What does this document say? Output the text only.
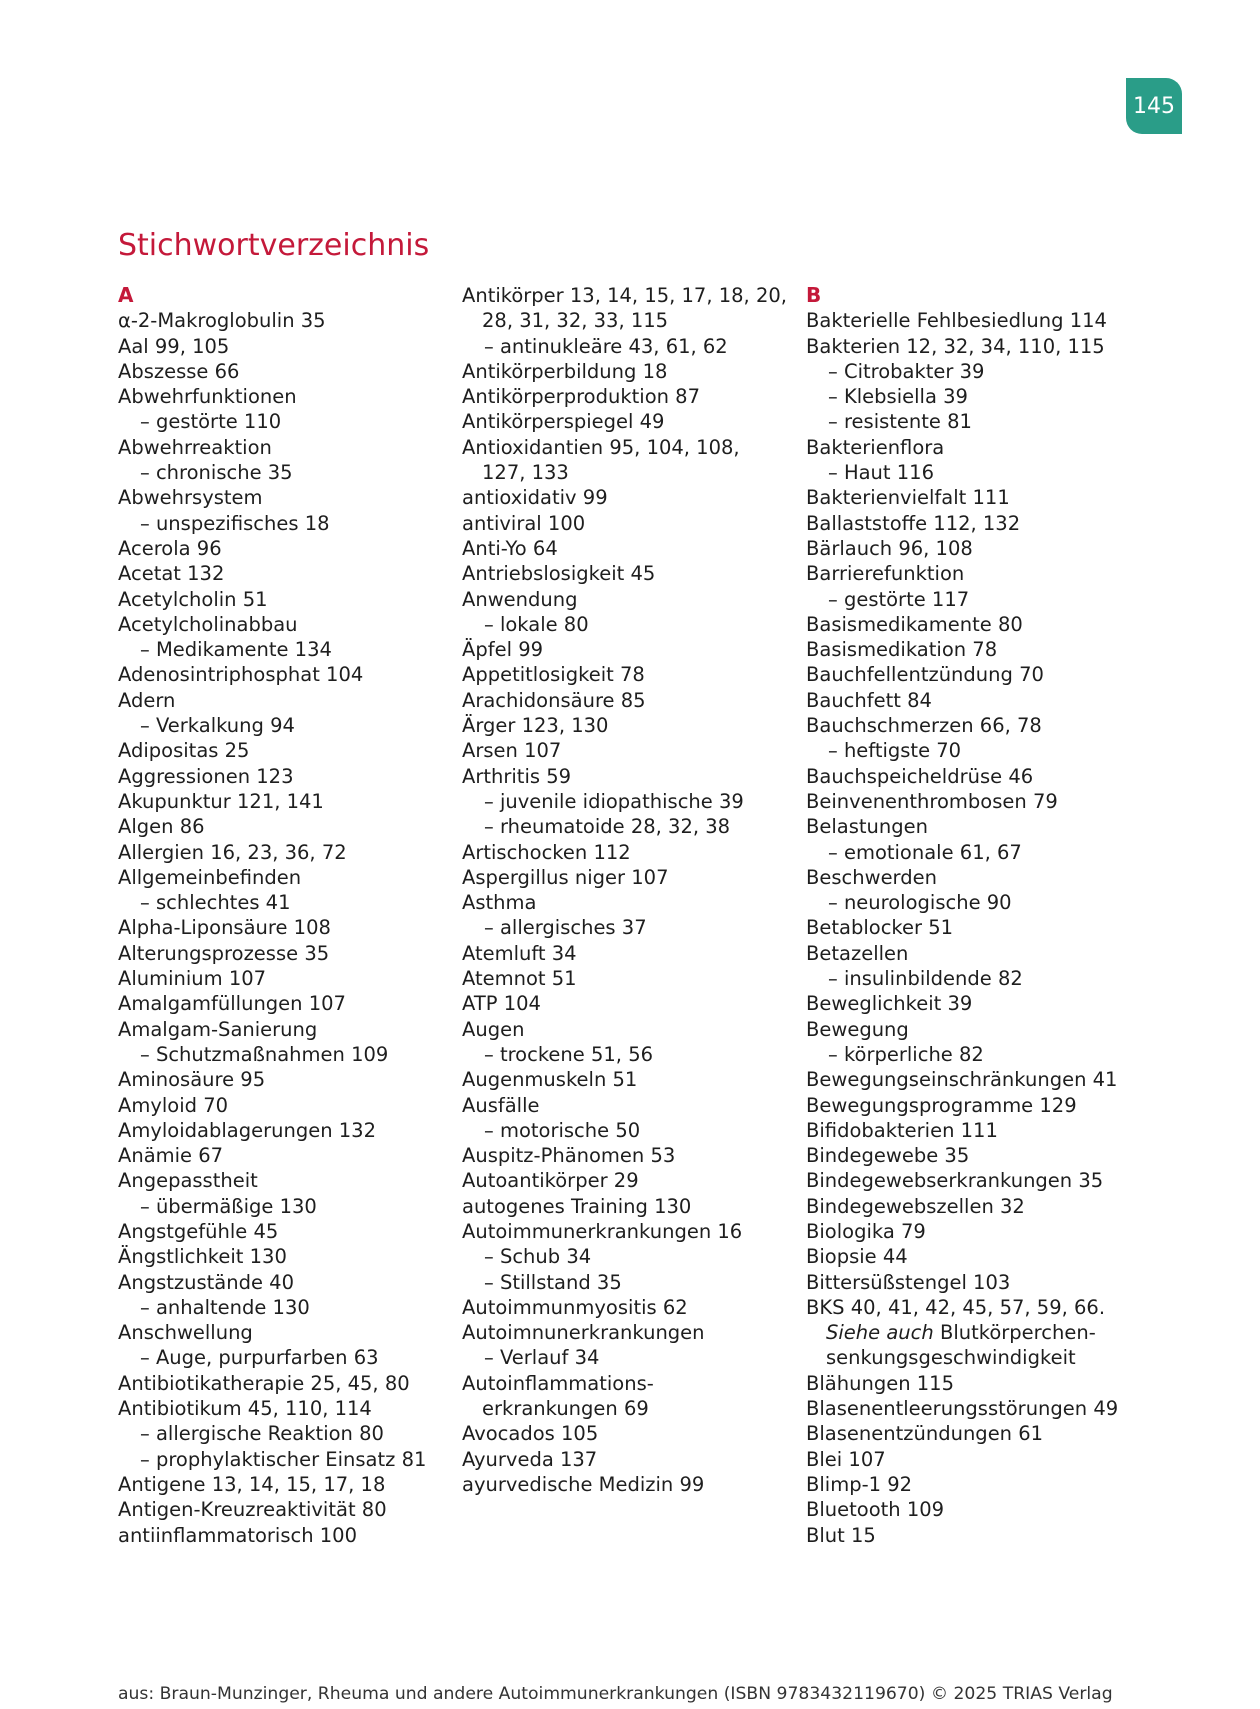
145
Stichwortverzeichnis
A
α-2-Makroglobulin 35
Aal 99, 105
Abszesse 66
Abwehrfunktionen
– gestörte 110
Abwehrreaktion
– chronische 35
Abwehrsystem
– unspezifisches 18
Acerola 96
Acetat 132
Acetylcholin 51
Acetylcholinabbau
– Medikamente 134
Adenosintriphosphat 104
Adern
– Verkalkung 94
Adipositas 25
Aggressionen 123
Akupunktur 121, 141
Algen 86
Allergien 16, 23, 36, 72
Allgemeinbefinden
– schlechtes 41
Alpha-Liponsäure 108
Alterungsprozesse 35
Aluminium 107
Amalgamfüllungen 107
Amalgam-Sanierung
– Schutzmaßnahmen 109
Aminosäure 95
Amyloid 70
Amyloidablagerungen 132
Anämie 67
Angepasstheit
– übermäßige 130
Angstgefühle 45
Ängstlichkeit 130
Angstzustände 40
– anhaltende 130
Anschwellung
– Auge, purpurfarben 63
Antibiotikatherapie 25, 45, 80
Antibiotikum 45, 110, 114
– allergische Reaktion 80
– prophylaktischer Einsatz 81
Antigene 13, 14, 15, 17, 18
Antigen-Kreuzreaktivität 80
antiinflammatorisch 100
Antikörper 13, 14, 15, 17, 18, 20,
28, 31, 32, 33, 115
– antinukleäre 43, 61, 62
Antikörperbildung 18
Antikörperproduktion 87
Antikörperspiegel 49
Antioxidantien 95, 104, 108,
127, 133
antioxidativ 99
antiviral 100
Anti-Yo 64
Antriebslosigkeit 45
Anwendung
– lokale 80
Äpfel 99
Appetitlosigkeit 78
Arachidonsäure 85
Ärger 123, 130
Arsen 107
Arthritis 59
– juvenile idiopathische 39
– rheumatoide 28, 32, 38
Artischocken 112
Aspergillus niger 107
Asthma
– allergisches 37
Atemluft 34
Atemnot 51
ATP 104
Augen
– trockene 51, 56
Augenmuskeln 51
Ausfälle
– motorische 50
Auspitz-Phänomen 53
Autoantikörper 29
autogenes Training 130
Autoimmunerkrankungen 16
– Schub 34
– Stillstand 35
Autoimmunmyositis 62
Autoimnunerkrankungen
– Verlauf 34
Autoinflammations-
erkrankungen 69
Avocados 105
Ayurveda 137
ayurvedische Medizin 99
B
Bakterielle Fehlbesiedlung 114
Bakterien 12, 32, 34, 110, 115
– Citrobakter 39
– Klebsiella 39
– resistente 81
Bakterienflora
– Haut 116
Bakterienvielfalt 111
Ballaststoffe 112, 132
Bärlauch 96, 108
Barrierefunktion
– gestörte 117
Basismedikamente 80
Basismedikation 78
Bauchfellentzündung 70
Bauchfett 84
Bauchschmerzen 66, 78
– heftigste 70
Bauchspeicheldrüse 46
Beinvenenthrombosen 79
Belastungen
– emotionale 61, 67
Beschwerden
– neurologische 90
Betablocker 51
Betazellen
– insulinbildende 82
Beweglichkeit 39
Bewegung
– körperliche 82
Bewegungseinschränkungen 41
Bewegungsprogramme 129
Bifidobakterien 111
Bindegewebe 35
Bindegewebserkrankungen 35
Bindegewebszellen 32
Biologika 79
Biopsie 44
Bittersüßstengel 103
BKS 40, 41, 42, 45, 57, 59, 66.
Siehe auch Blutkörperchen-
senkungsgeschwindigkeit
Blähungen 115
Blasenentleerungsstörungen 49
Blasenentzündungen 61
Blei 107
Blimp-1 92
Bluetooth 109
Blut 15
aus: Braun-Munzinger, Rheuma und andere Autoimmunerkrankungen (ISBN 9783432119670) © 2025 TRIAS Verlag
